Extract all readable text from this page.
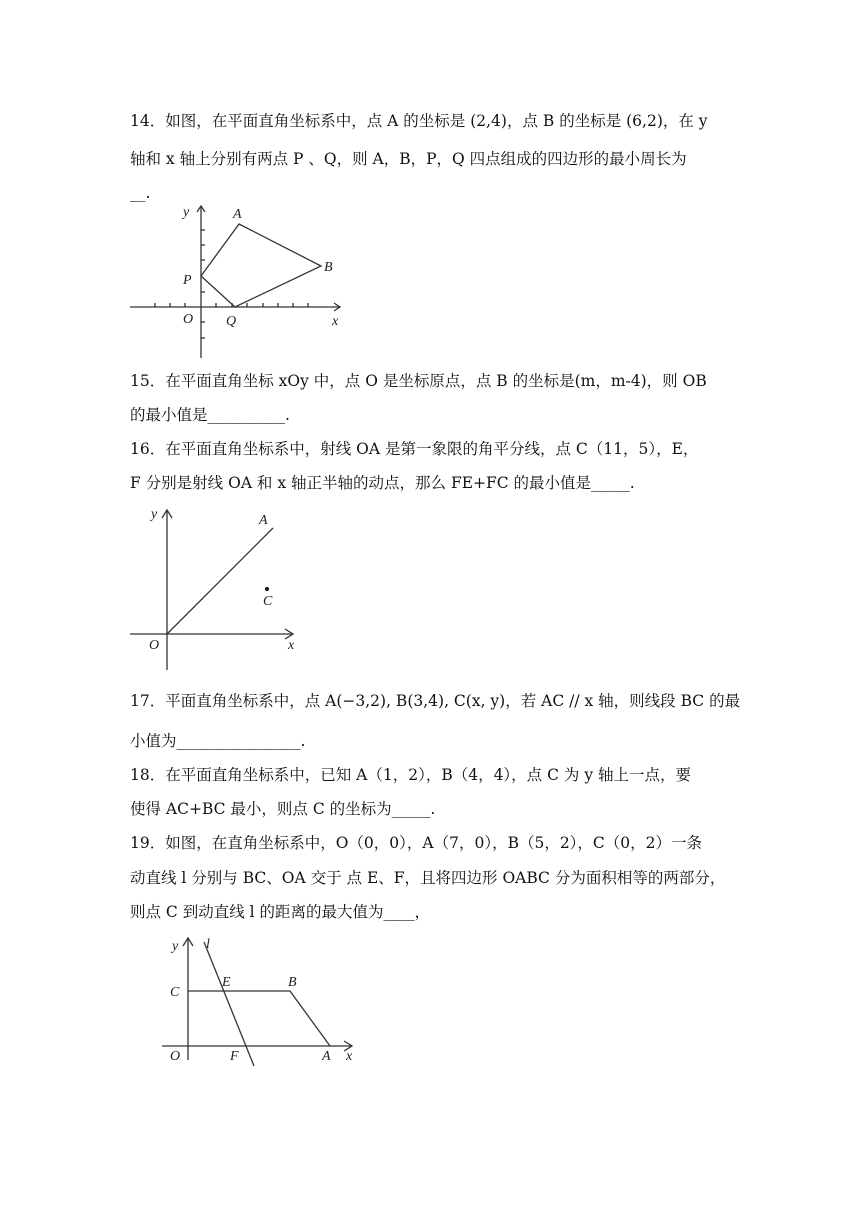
14．如图，在平面直角坐标系中，点 A 的坐标是 (2,4)，点 B 的坐标是 (6,2)，在 y
轴和 x 轴上分别有两点 P 、Q，则 A，B，P，Q 四点组成的四边形的最小周长为
__.
y	A
B
P
O Q	x
15．在平面直角坐标 xOy 中，点 O 是坐标原点，点 B 的坐标是(m，m-4)，则 OB
的最小值是__________.
16．在平面直角坐标系中，射线 OA 是第一象限的角平分线，点 C（11，5），E，
F 分别是射线 OA 和 x 轴正半轴的动点，那么 FE+FC 的最小值是_____.
y	A
C
O	x
17．平面直角坐标系中，点 A(−3,2), B(3,4), C(x, y)，若 AC // x 轴，则线段 BC 的最
小值为________________.
18．在平面直角坐标系中，已知 A（1，2），B（4，4），点 C 为 y 轴上一点，要
使得 AC+BC 最小，则点 C 的坐标为_____.
19．如图，在直角坐标系中，O（0，0），A（7，0），B（5，2），C（0，2）一条
动直线 l 分别与 BC、OA 交于 点 E、F，且将四边形 OABC 分为面积相等的两部分，
则点 C 到动直线 l 的距离的最大值为____，
y l
C
E	B
O	F	A x
